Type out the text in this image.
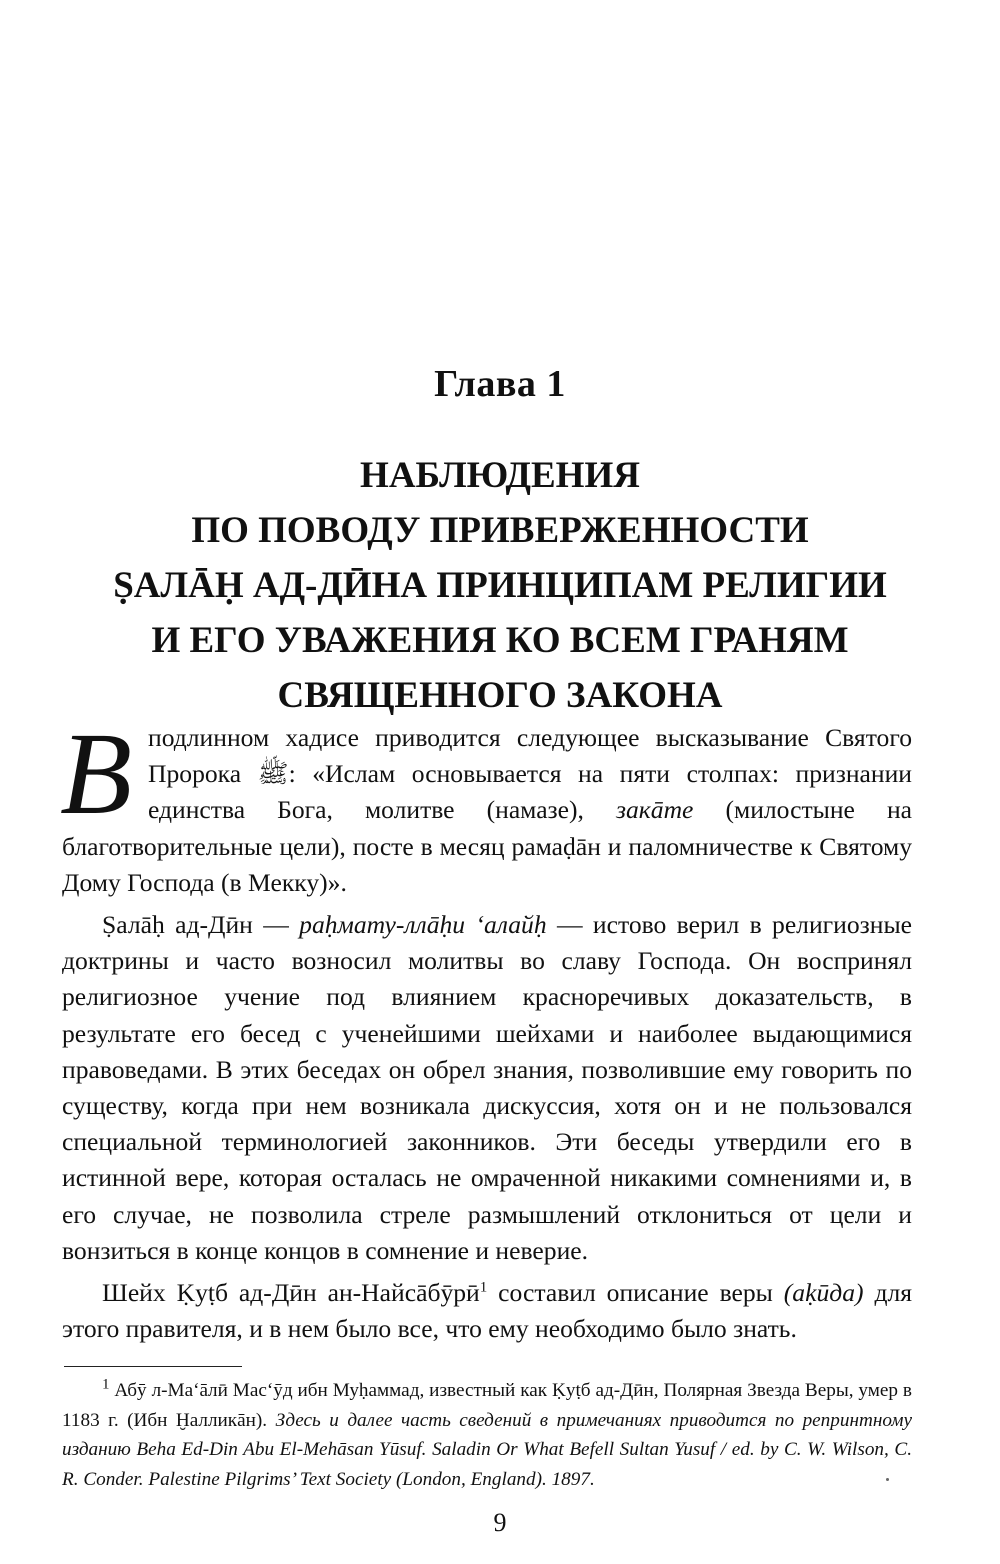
Глава 1
НАБЛЮДЕНИЯ
ПО ПОВОДУ ПРИВЕРЖЕННОСТИ
ṢАЛĀḤ АД-ДӢНА ПРИНЦИПАМ РЕЛИГИИ
И ЕГО УВАЖЕНИЯ КО ВСЕМ ГРАНЯМ
СВЯЩЕННОГО ЗАКОНА

Вподлинном хадисе приводится следующее высказывание Святого Пророка ﷺ: «Ислам основывается на пяти столпах: признании единства Бога, молитве (намазе), закāте (милостыне на благотворительные цели), посте в месяц рамаḍāн и паломничестве к Святому Дому Господа (в Мекку)».

Ṣалāḥ ад-Дӣн — раḥмату-ллāḥи ‘алайḥ — истово верил в религиозные доктрины и часто возносил молитвы во славу Господа. Он воспринял религиозное учение под влиянием красноречивых доказательств, в результате его бесед с ученейшими шейхами и наиболее выдающимися правоведами. В этих беседах он обрел знания, позволившие ему говорить по существу, когда при нем возникала дискуссия, хотя он и не пользовался специальной терминологией законников. Эти беседы утвердили его в истинной вере, которая осталась не омраченной никакими сомнениями и, в его случае, не позволила стреле размышлений отклониться от цели и вонзиться в конце концов в сомнение и неверие.

Шейх Ḳуṭб ад-Дӣн ан-Найсāбӯрӣ$^1$ составил описание веры (аḳӣда) для этого правителя, и в нем было все, что ему необходимо было знать.

$^1$ Абӯ л-Ма‘āлӣ Мас‘ӯд ибн Муḥаммад, известный как Ḳуṭб ад-Дӣн, Полярная Звезда Веры, умер в 1183 г. (Ибн Ḫалликāн). Здесь и далее часть сведений в примечаниях приводится по репринтному изданию Beha Ed-Din Abu El-Mehāsan Yūsuf. Saladin Or What Befell Sultan Yusuf / ed. by C. W. Wilson, C. R. Conder. Palestine Pilgrims’ Text Society (London, England). 1897.
9
